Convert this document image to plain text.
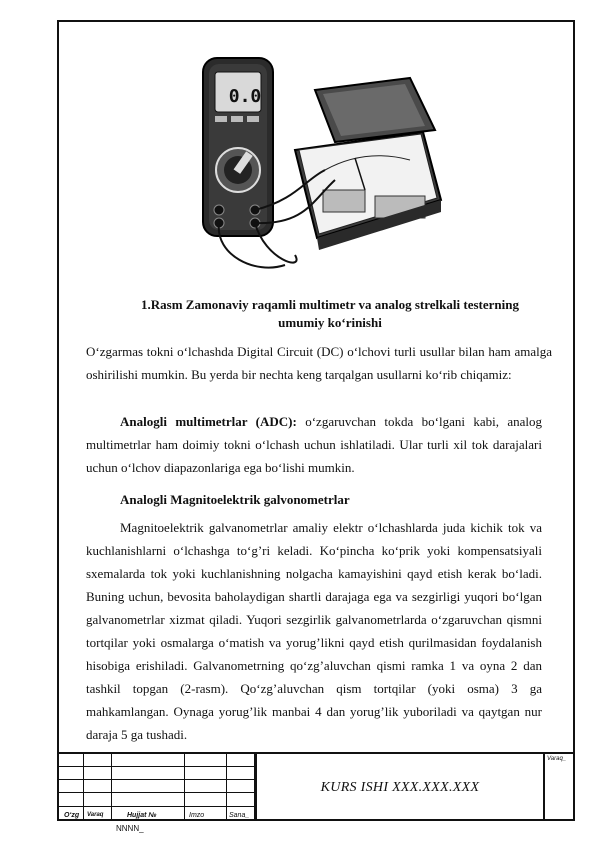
0.0
1.Rasm Zamonaviy raqamli multimetr va analog strelkali testerning
umumiy ko‘rinishi

O‘zgarmas tokni o‘lchashda Digital Circuit (DC) o‘lchovi turli usullar bilan ham amalga oshirilishi mumkin. Bu yerda bir nechta keng tarqalgan usullarni ko‘rib chiqamiz:

Analogli multimetrlar (ADC): o‘zgaruvchan tokda bo‘lgani kabi, analog multimetrlar ham doimiy tokni o‘lchash uchun ishlatiladi. Ular turli xil tok darajalari uchun o‘lchov diapazonlariga ega bo‘lishi mumkin.

Analogli Magnitoelektrik galvonometrlar

Magnitoelektrik galvanometrlar amaliy elektr o‘lchashlarda juda kichik tok va kuchlanishlarni o‘lchashga to‘g’ri keladi. Ko‘pincha ko‘prik yoki kompensatsiyali sxemalarda tok yoki kuchlanishning nolgacha kamayishini qayd etish kerak bo‘ladi. Buning uchun, bevosita baholaydigan shartli darajaga ega va sezgirligi yuqori bo‘lgan galvanometrlar xizmat qiladi. Yuqori sezgirlik galvanometrlarda o‘zgaruvchan qismni tortqilar yoki osmalarga o‘matish va yorug’likni qayd etish qurilmasidan foydalanish hisobiga erishiladi. Galvanometrning qo‘zg’aluvchan qismi ramka 1 va oyna 2 dan tashkil topgan (2-rasm). Qo‘zg’aluvchan qism tortqilar (yoki osma) 3 ga mahkamlangan. Oynaga yorug’lik manbai 4 dan yorug’lik yuboriladi va qaytgan nur daraja 5 ga tushadi.

KURS ISHI XXX.XXX.XXX
Varaq_
O‘zg Varaq	Hujjat №	Imzo	Sana_
NNNN_
